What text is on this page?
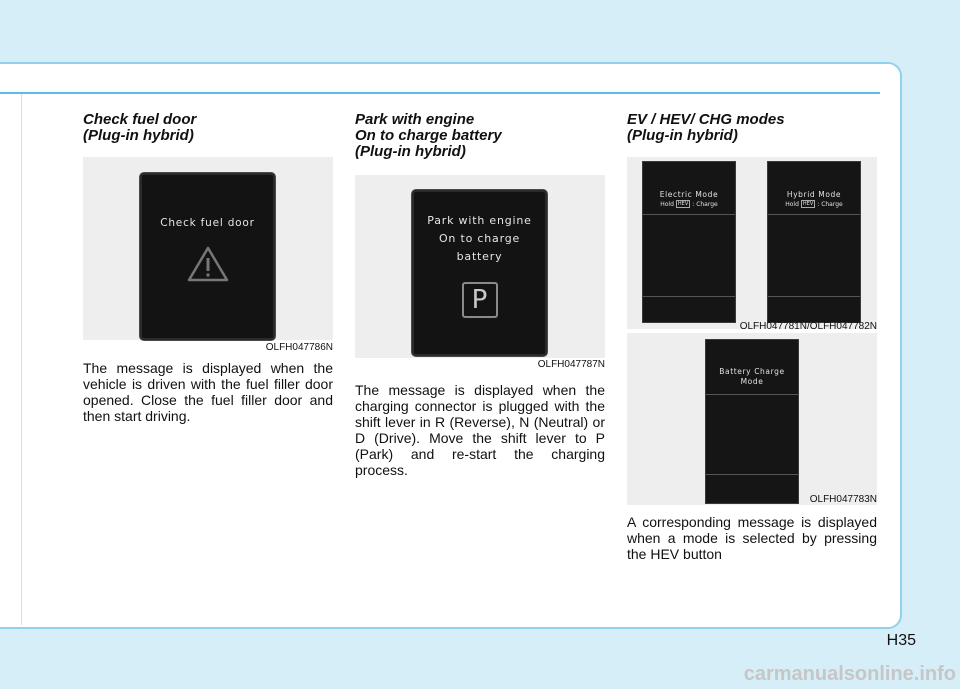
Check fuel door
(Plug-in hybrid)
Check fuel door
OLFH047786N

The message is displayed when the vehicle is driven with the fuel filler door opened. Close the fuel filler door and then start driving.

Park with engine
On to charge battery
(Plug-in hybrid)
Park with engine
On to charge
battery
P
OLFH047787N

The message is displayed when the charging connector is plugged with the shift lever in R (Reverse), N (Neutral) or D (Drive). Move the shift lever to P (Park) and re-start the charging process.

EV / HEV/ CHG modes
(Plug-in hybrid)
Electric Mode
Hold HEV : Charge
Hybrid Mode
Hold HEV : Charge
OLFH047781N/OLFH047782N
Battery Charge
Mode
OLFH047783N

A corresponding message is displayed when a mode is selected by pressing the HEV button

H35
carmanualsonline.info
